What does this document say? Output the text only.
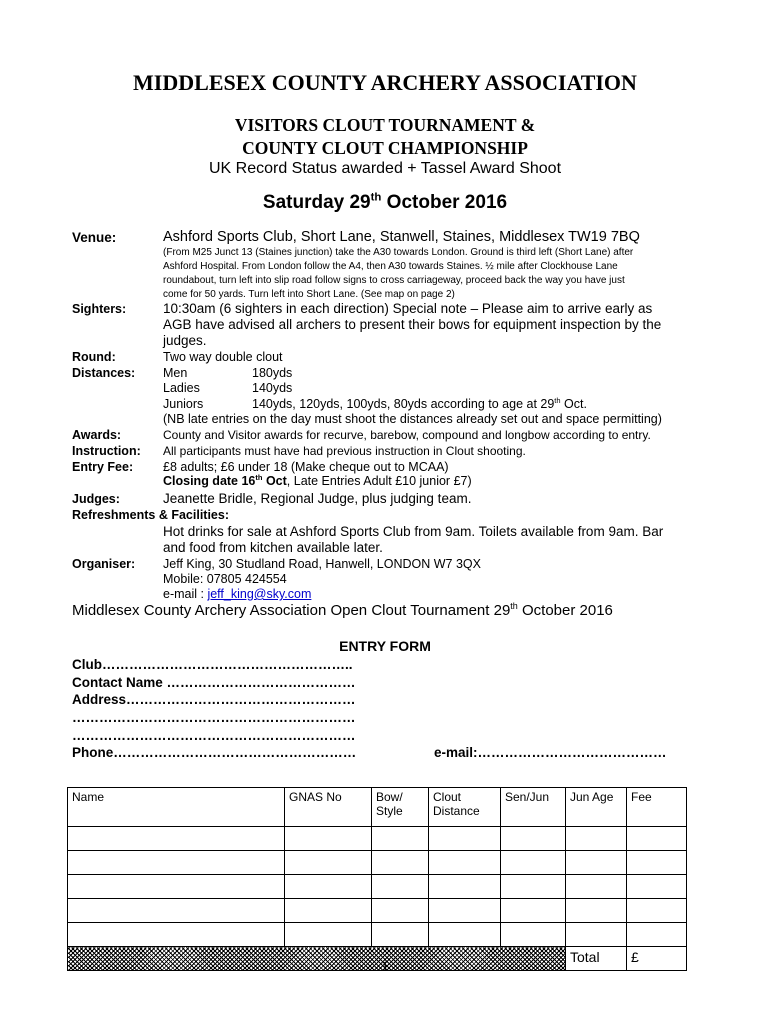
MIDDLESEX COUNTY ARCHERY ASSOCIATION
VISITORS CLOUT TOURNAMENT &
COUNTY CLOUT CHAMPIONSHIP
UK Record Status awarded + Tassel Award Shoot
Saturday 29th October 2016
Venue:	Ashford Sports Club, Short Lane, Stanwell, Staines, Middlesex TW19 7BQ
(From M25 Junct 13 (Staines junction) take the A30 towards London. Ground is third left (Short Lane) after
Ashford Hospital. From London follow the A4, then A30 towards Staines. ½ mile after Clockhouse Lane
roundabout, turn left into slip road follow signs to cross carriageway, proceed back the way you have just
come for 50 yards. Turn left into Short Lane. (See map on page 2)
Sighters:	10:30am (6 sighters in each direction) Special note – Please aim to arrive early as
AGB have advised all archers to present their bows for equipment inspection by the
judges.
Round:	Two way double clout
Distances: Men	180yds
Ladies	140yds
Juniors	140yds, 120yds, 100yds, 80yds according to age at 29th Oct.
(NB late entries on the day must shoot the distances already set out and space permitting)
Awards:	County and Visitor awards for recurve, barebow, compound and longbow according to entry.
Instruction: All participants must have had previous instruction in Clout shooting.
Entry Fee: £8 adults; £6 under 18 (Make cheque out to MCAA)
Closing date 16th Oct, Late Entries Adult £10 junior £7)
Judges:	Jeanette Bridle, Regional Judge, plus judging team.
Refreshments & Facilities:
Hot drinks for sale at Ashford Sports Club from 9am. Toilets available from 9am. Bar
and food from kitchen available later.
Organiser: Jeff King, 30 Studland Road, Hanwell, LONDON W7 3QX
Mobile: 07805 424554
e-mail : jeff_king@sky.com
Middlesex County Archery Association Open Clout Tournament 29th October 2016
ENTRY FORM
Club………………………………………………..
Contact Name ……………………………………
Address……………………………………………
………………………………………………………
………………………………………………………
Phone………………………………………………	e-mail:……………………………………
Name	GNAS No	Bow/ Style	Clout Distance	Sen/Jun	Jun Age	Fee

					Total	£
1
